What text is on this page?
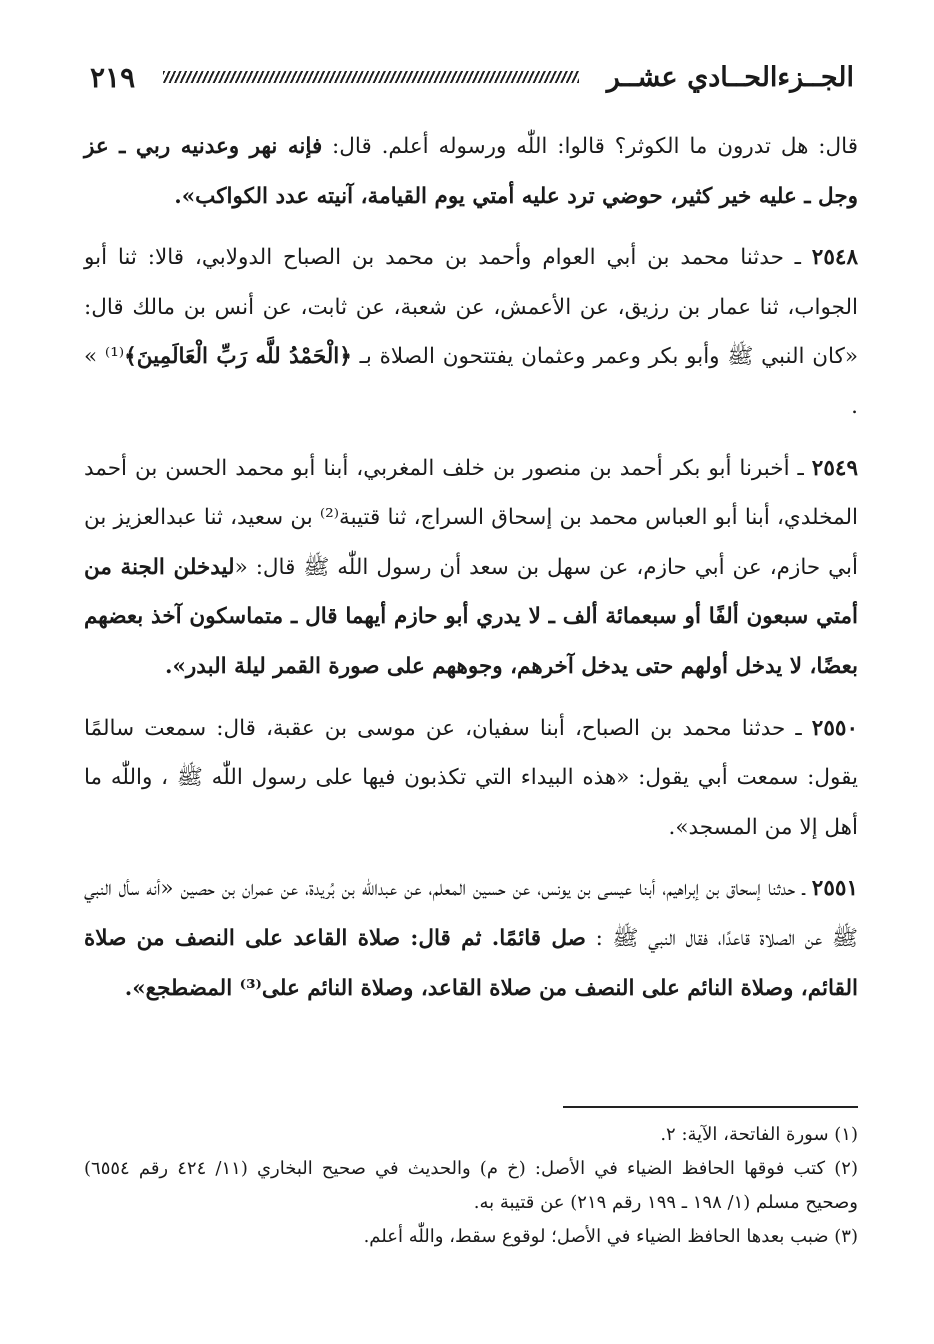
الجــزءالحــادي عشــر
٢١٩

قال: هل تدرون ما الكوثر؟ قالوا: اللّٰه ورسوله أعلم. قال: فإنه نهر وعدنيه ربي ـ عز وجل ـ عليه خير كثير، حوضي ترد عليه أمتي يوم القيامة، آنيته عدد الكواكب».

٢٥٤٨ ـ حدثنا محمد بن أبي العوام وأحمد بن محمد بن الصباح الدولابي، قالا: ثنا أبو الجواب، ثنا عمار بن رزيق، عن الأعمش، عن شعبة، عن ثابت، عن أنس بن مالك قال: «كان النبي ﷺ وأبو بكر وعمر وعثمان يفتتحون الصلاة بـ ﴿الْحَمْدُ للَّه رَبِّ الْعَالَمِينَ﴾⁽¹⁾ » .

٢٥٤٩ ـ أخبرنا أبو بكر أحمد بن منصور بن خلف المغربي، أبنا أبو محمد الحسن بن أحمد المخلدي، أبنا أبو العباس محمد بن إسحاق السراج، ثنا قتيبة⁽²⁾ بن سعيد، ثنا عبدالعزيز بن أبي حازم، عن أبي حازم، عن سهل بن سعد أن رسول اللّٰه ﷺ قال: «ليدخلن الجنة من أمتي سبعون ألفًا أو سبعمائة ألف ـ لا يدري أبو حازم أيهما قال ـ متماسكون آخذ بعضهم بعضًا، لا يدخل أولهم حتى يدخل آخرهم، وجوههم على صورة القمر ليلة البدر».

٢٥٥٠ ـ حدثنا محمد بن الصباح، أبنا سفيان، عن موسى بن عقبة، قال: سمعت سالمًا يقول: سمعت أبي يقول: «هذه البيداء التي تكذبون فيها على رسول اللّٰه ﷺ ، واللّٰه ما أهل إلا من المسجد».

٢٥٥١ ـ حدثنا إسحاق بن إبراهيم، أبنا عيسى بن يونس، عن حسين المعلم، عن عبداللّٰه بن بُريدة، عن عمران بن حصين «أنه سأل النبي ﷺ عن الصلاة قاعدًا، فقال النبي ﷺ : صل قائمًا. ثم قال: صلاة القاعد على النصف من صلاة القائم، وصلاة النائم على النصف من صلاة القاعد، وصلاة النائم على⁽³⁾ المضطجع».

(١) سورة الفاتحة، الآية: ٢.

(٢) كتب فوقها الحافظ الضياء في الأصل: (خ م) والحديث في صحيح البخاري (١١/ ٤٢٤ رقم ٦٥٥٤) وصحيح مسلم (١/ ١٩٨ ـ ١٩٩ رقم ٢١٩) عن قتيبة به.

(٣) ضبب بعدها الحافظ الضياء في الأصل؛ لوقوع سقط، واللّٰه أعلم.
